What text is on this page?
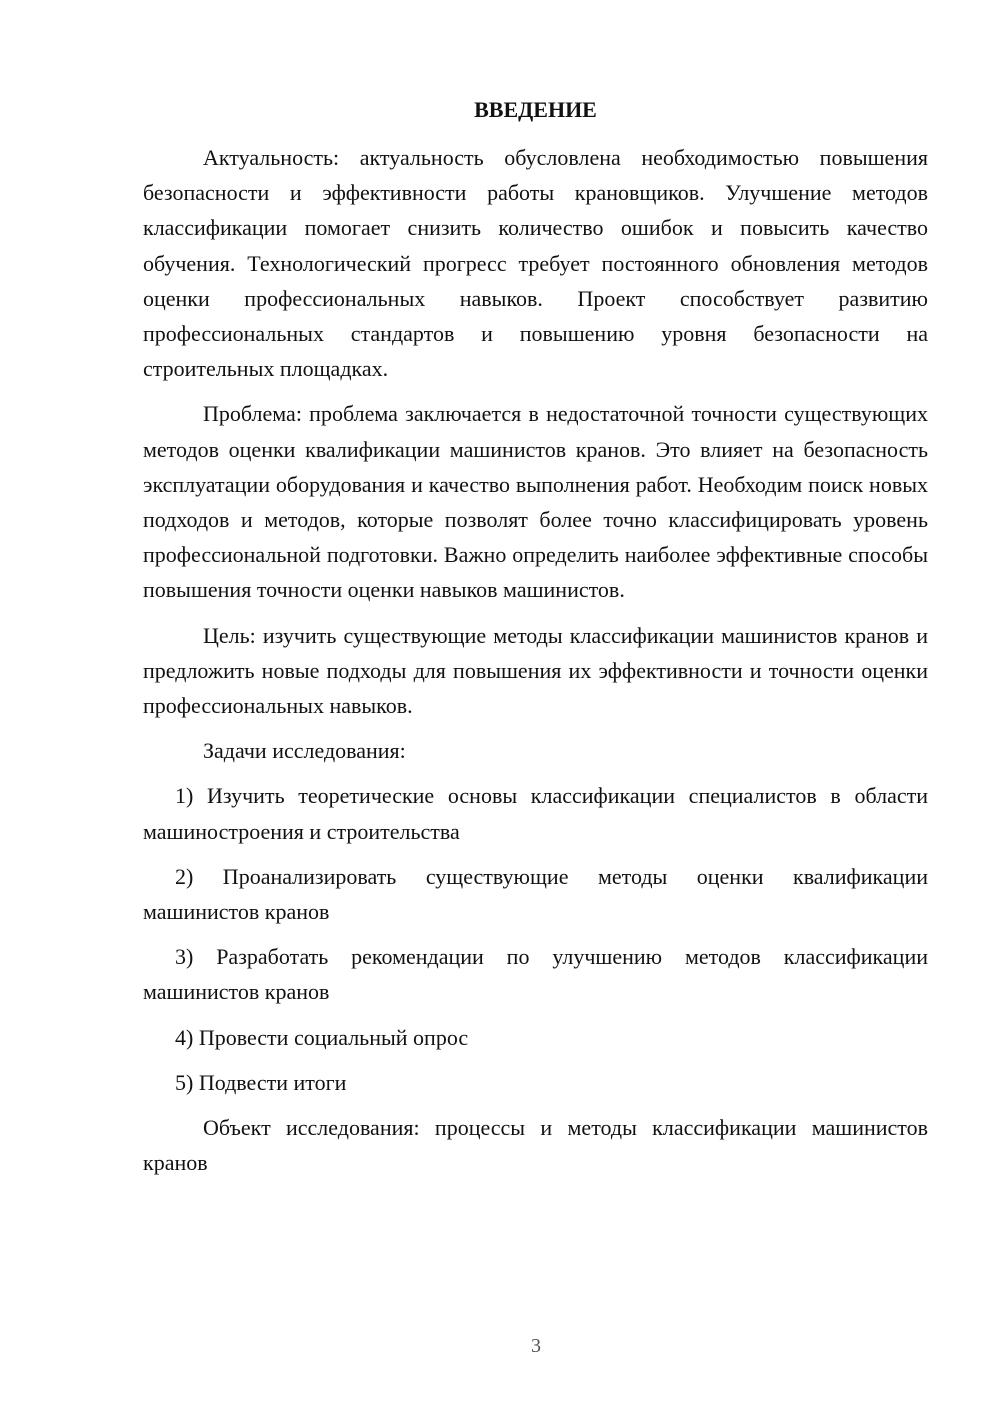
ВВЕДЕНИЕ

Актуальность: актуальность обусловлена необходимостью повышения безопасности и эффективности работы крановщиков. Улучшение методов классификации помогает снизить количество ошибок и повысить качество обучения. Технологический прогресс требует постоянного обновления методов оценки профессиональных навыков. Проект способствует развитию профессиональных стандартов и повышению уровня безопасности на строительных площадках.

Проблема: проблема заключается в недостаточной точности существующих методов оценки квалификации машинистов кранов. Это влияет на безопасность эксплуатации оборудования и качество выполнения работ. Необходим поиск новых подходов и методов, которые позволят более точно классифицировать уровень профессиональной подготовки. Важно определить наиболее эффективные способы повышения точности оценки навыков машинистов.

Цель: изучить существующие методы классификации машинистов кранов и предложить новые подходы для повышения их эффективности и точности оценки профессиональных навыков.

Задачи исследования:

1) Изучить теоретические основы классификации специалистов в области машиностроения и строительства

2) Проанализировать существующие методы оценки квалификации машинистов кранов

3) Разработать рекомендации по улучшению методов классификации машинистов кранов

4) Провести социальный опрос

5) Подвести итоги

Объект исследования: процессы и методы классификации машинистов кранов

3
